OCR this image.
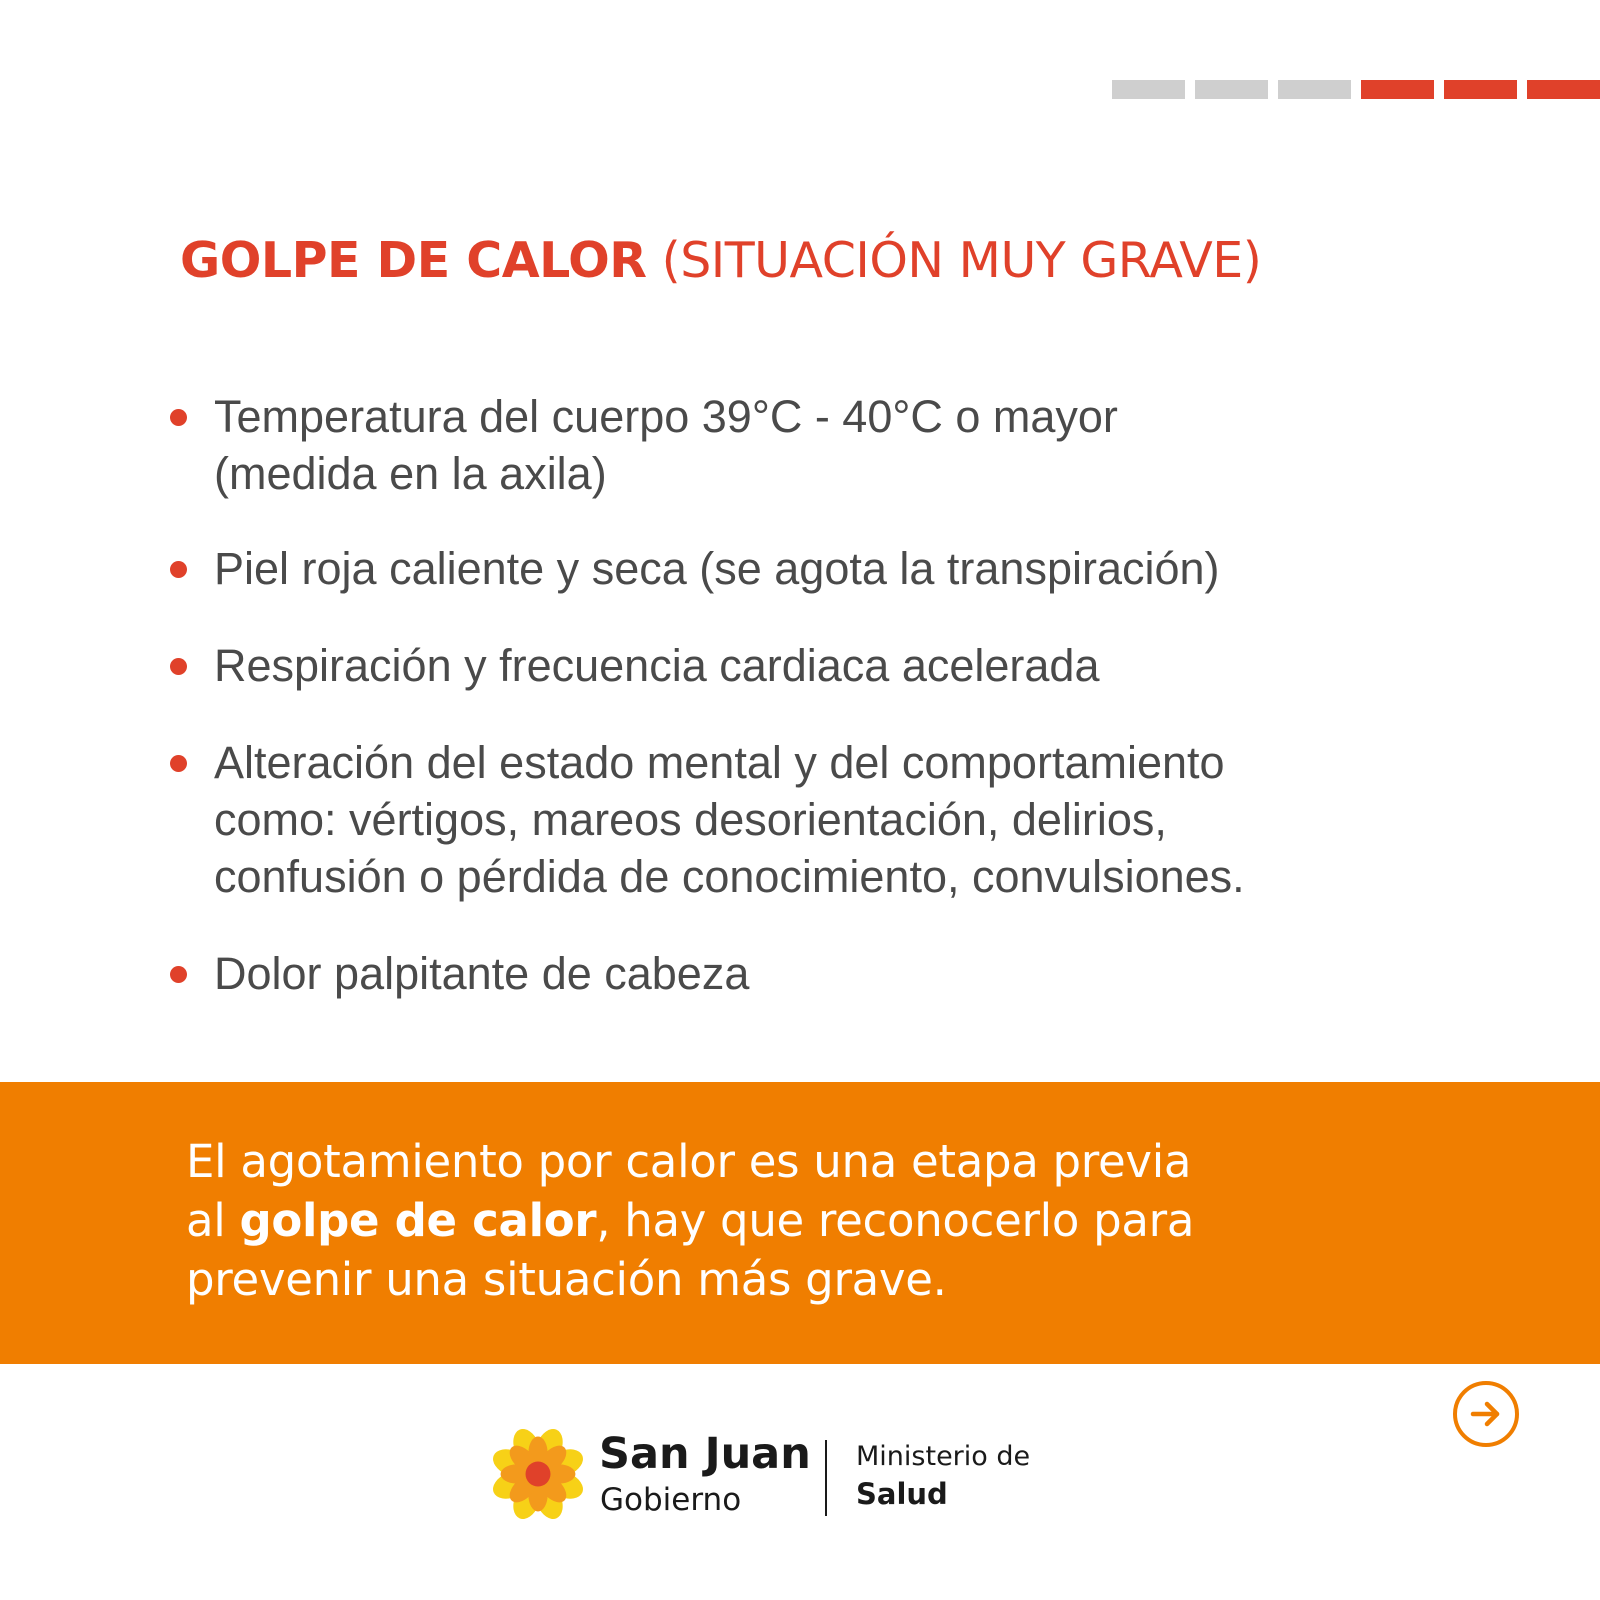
GOLPE DE CALOR (SITUACIÓN MUY GRAVE)
Temperatura del cuerpo 39°C - 40°C o mayor
(medida en la axila)
Piel roja caliente y seca (se agota la transpiración)
Respiración y frecuencia cardiaca acelerada
Alteración del estado mental y del comportamiento
como: vértigos, mareos desorientación, delirios,
confusión o pérdida de conocimiento, convulsiones.
Dolor palpitante de cabeza

El agotamiento por calor es una etapa previa
al golpe de calor, hay que reconocerlo para
prevenir una situación más grave.

San Juan
Gobierno
Ministerio de
Salud
